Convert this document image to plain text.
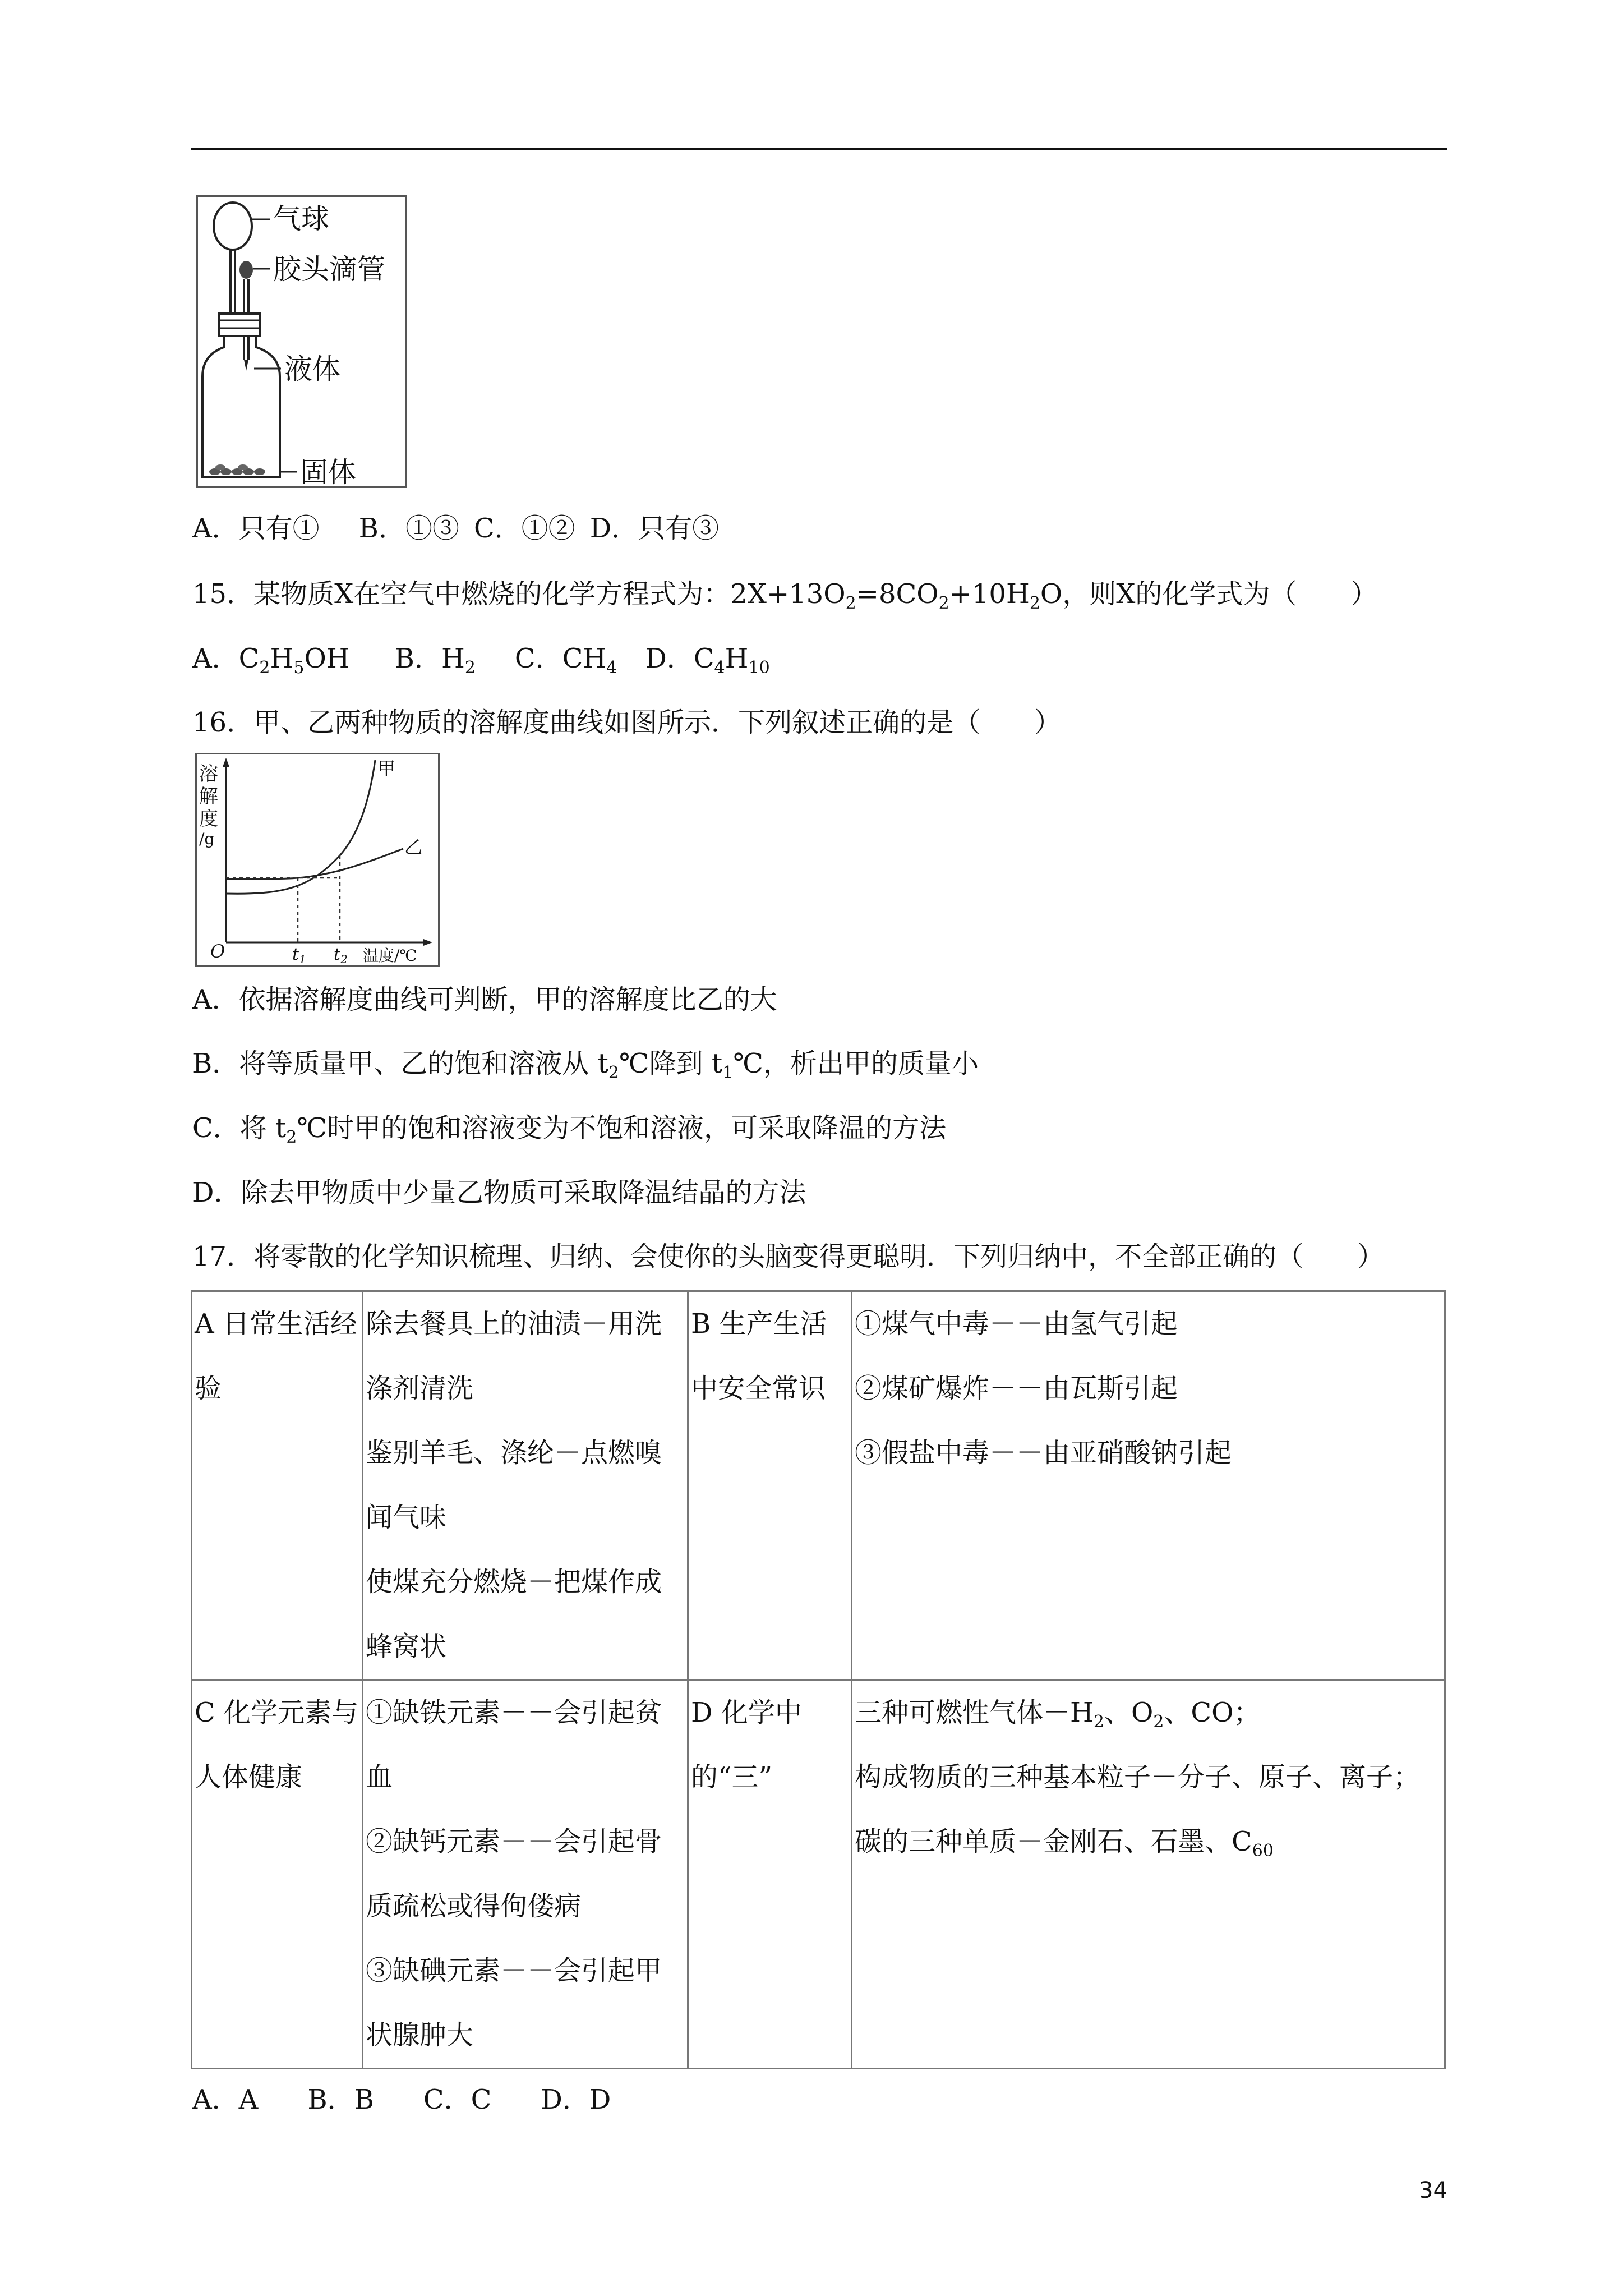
气球
胶头滴管
液体
固体
A．只有① B．①③ C．①② D．只有③
15．某物质X在空气中燃烧的化学方程式为：$2X+13O_2=8CO_2+10H_2O$，则X的化学式为（　　）
A．$C_2H_5OH$ B．$H_2$ C．$CH_4$ D．$C_4H_{10}$
16．甲、乙两种物质的溶解度曲线如图所示．下列叙述正确的是（　　）
溶
解
度
/g
O
甲
乙
$t_1$ $t_2$ 温度/℃
A．依据溶解度曲线可判断，甲的溶解度比乙的大
B．将等质量甲、乙的饱和溶液从 $t_2℃$降到 $t_1℃$，析出甲的质量小
C．将 $t_2℃$时甲的饱和溶液变为不饱和溶液，可采取降温的方法
D．除去甲物质中少量乙物质可采取降温结晶的方法
17．将零散的化学知识梳理、归纳、会使你的头脑变得更聪明．下列归纳中，不全部正确的（　　）
A 日常生活经验	除去餐具上的油渍－用洗涤剂清洗
鉴别羊毛、涤纶－点燃嗅闻气味
使煤充分燃烧－把煤作成蜂窝状	B 生产生活中安全常识	①煤气中毒－－由氢气引起
②煤矿爆炸－－由瓦斯引起
③假盐中毒－－由亚硝酸钠引起

C 化学元素与人体健康	①缺铁元素－－会引起贫血
②缺钙元素－－会引起骨质疏松或得佝偻病
③缺碘元素－－会引起甲状腺肿大	D 化学中的“三”	三种可燃性气体$-H_2$、$O_2$、CO；
构成物质的三种基本粒子－分子、原子、离子；
碳的三种单质－金刚石、石墨、$C_{60}$
A．A B．B C．C D．D
34
